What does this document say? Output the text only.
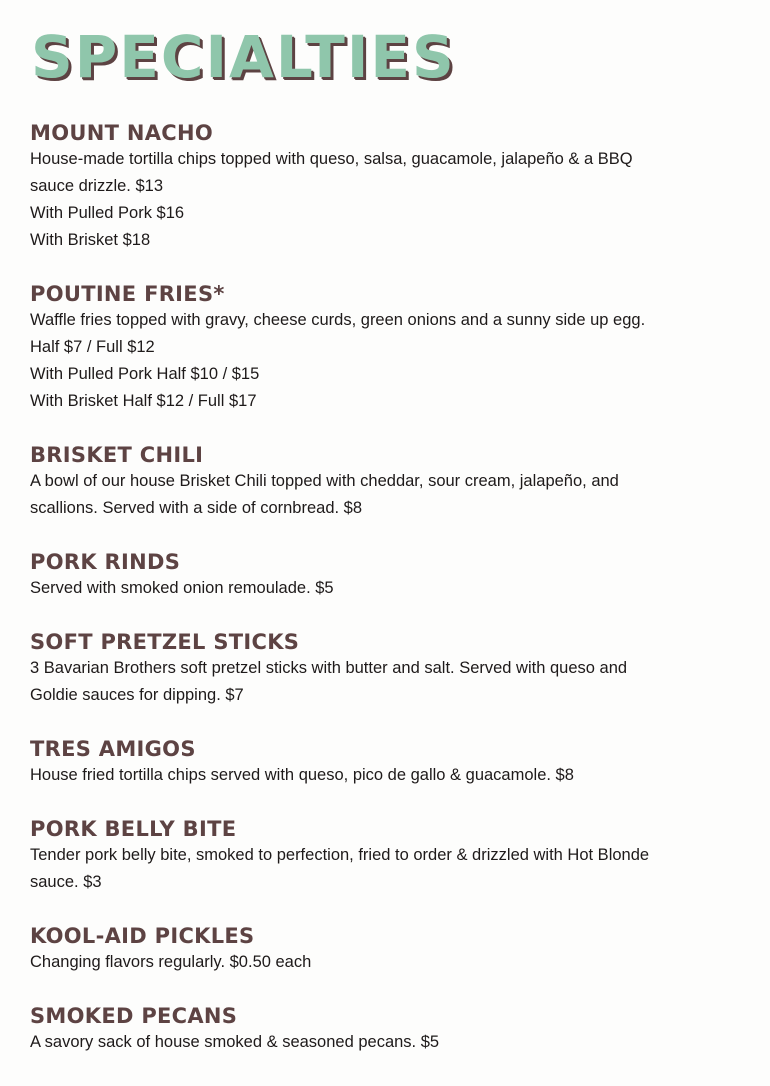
SPECIALTIES
MOUNT NACHO

House-made tortilla chips topped with queso, salsa, guacamole, jalapeño & a BBQ

sauce drizzle. $13

With Pulled Pork $16

With Brisket $18

POUTINE FRIES*

Waffle fries topped with gravy, cheese curds, green onions and a sunny side up egg.

Half $7 / Full $12

With Pulled Pork Half $10 / $15

With Brisket Half $12 / Full $17

BRISKET CHILI

A bowl of our house Brisket Chili topped with cheddar, sour cream, jalapeño, and

scallions. Served with a side of cornbread. $8

PORK RINDS

Served with smoked onion remoulade. $5

SOFT PRETZEL STICKS

3 Bavarian Brothers soft pretzel sticks with butter and salt. Served with queso and

Goldie sauces for dipping. $7

TRES AMIGOS

House fried tortilla chips served with queso, pico de gallo & guacamole. $8

PORK BELLY BITE

Tender pork belly bite, smoked to perfection, fried to order & drizzled with Hot Blonde

sauce. $3

KOOL-AID PICKLES

Changing flavors regularly. $0.50 each

SMOKED PECANS

A savory sack of house smoked & seasoned pecans. $5
